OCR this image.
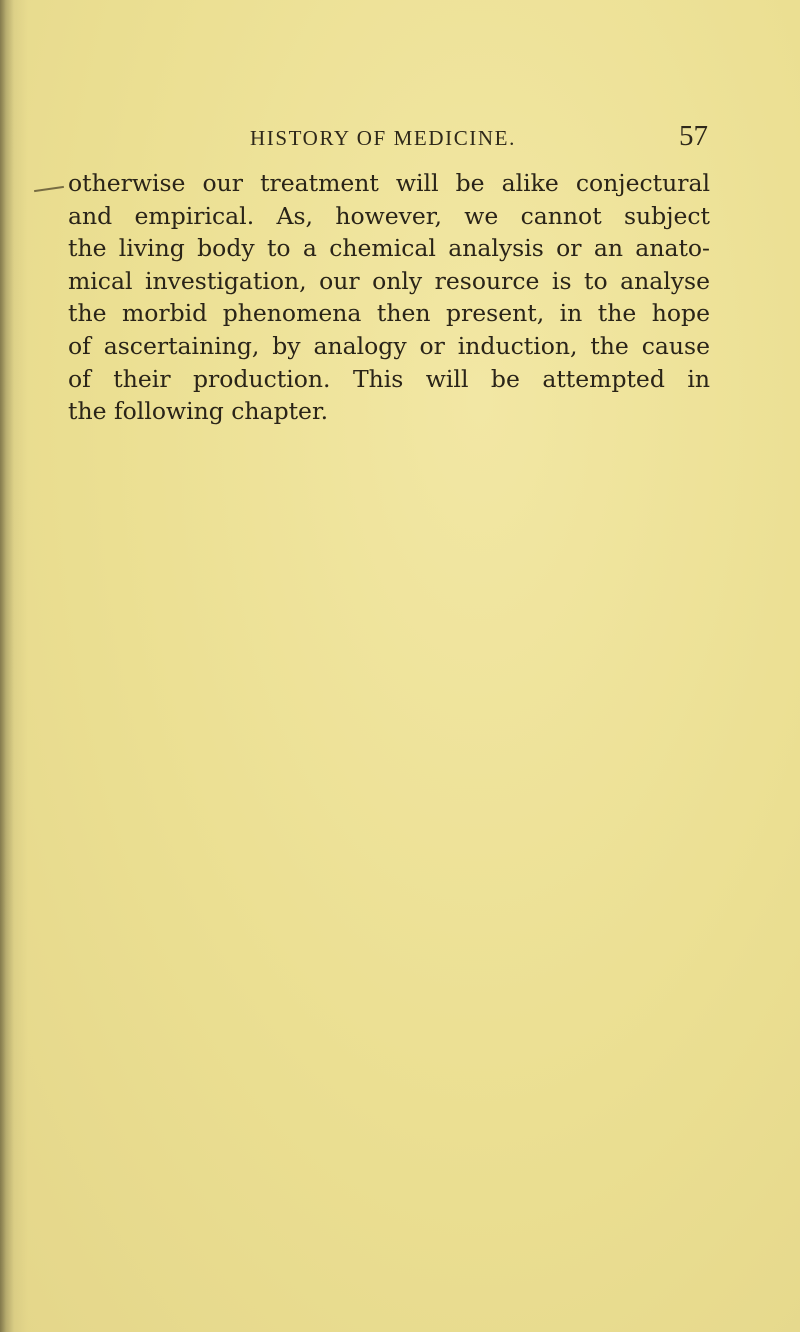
HISTORY OF MEDICINE.	57
otherwise our treatment will be alike conjectural
and empirical. As, however, we cannot subject
the living body to a chemical analysis or an anato-
mical investigation, our only resource is to analyse
the morbid phenomena then present, in the hope
of ascertaining, by analogy or induction, the cause
of their production. This will be attempted in
the following chapter.
